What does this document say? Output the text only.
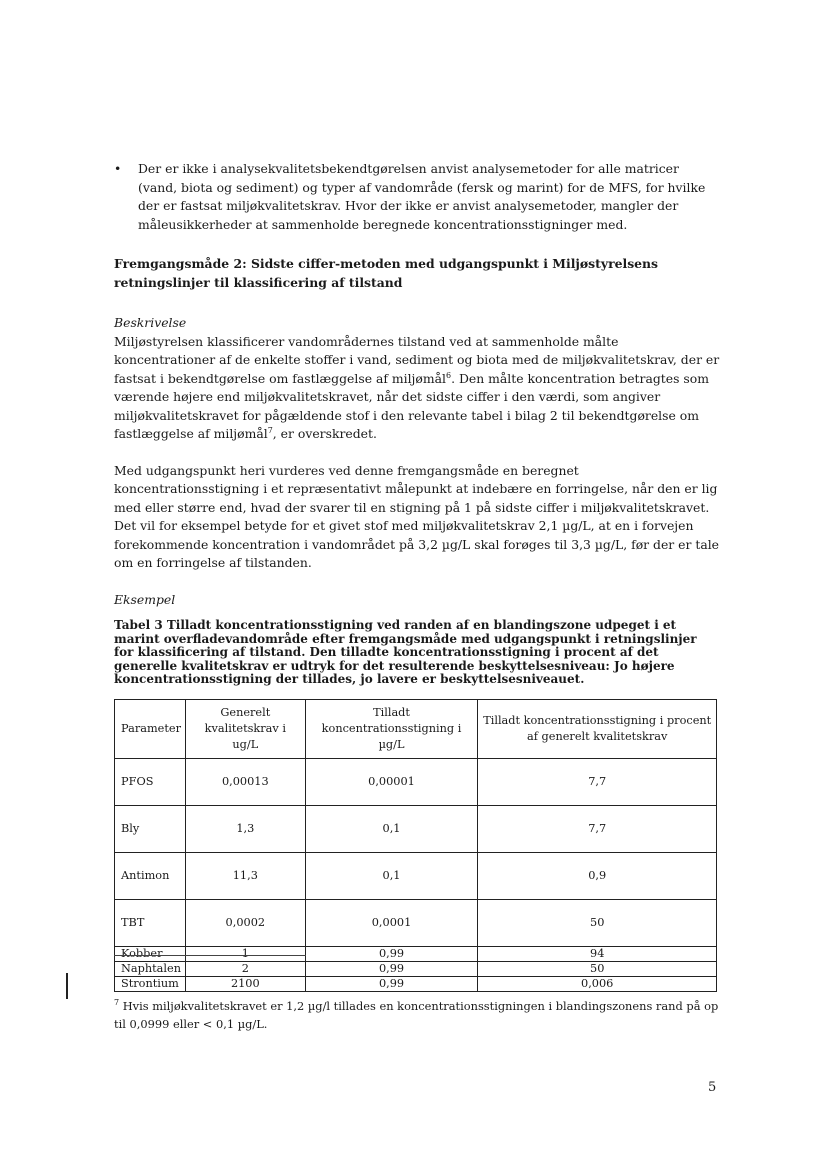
• Der er ikke i analysekvalitetsbekendtgørelsen anvist analysemetoder for alle matricer (vand, biota og sediment) og typer af vandområde (fersk og marint) for de MFS, for hvilke der er fastsat miljøkvalitetskrav. Hvor der ikke er anvist analysemetoder, mangler der måleusikkerheder at sammenholde beregnede koncentrationsstigninger med.
Fremgangsmåde 2: Sidste ciffer-metoden med udgangspunkt i Miljøstyrelsens retningslinjer til klassificering af tilstand

Beskrivelse

Miljøstyrelsen klassificerer vandområdernes tilstand ved at sammenholde målte koncentrationer af de enkelte stoffer i vand, sediment og biota med de miljøkvalitetskrav, der er fastsat i bekendtgørelse om fastlæggelse af miljømål$^6$. Den målte koncentration betragtes som værende højere end miljøkvalitetskravet, når det sidste ciffer i den værdi, som angiver miljøkvalitetskravet for pågældende stof i den relevante tabel i bilag 2 til bekendtgørelse om fastlæggelse af miljømål$^7$, er overskredet.

Med udgangspunkt heri vurderes ved denne fremgangsmåde en beregnet koncentrationsstigning i et repræsentativt målepunkt at indebære en forringelse, når den er lig med eller større end, hvad der svarer til en stigning på 1 på sidste ciffer i miljøkvalitetskravet. Det vil for eksempel betyde for et givet stof med miljøkvalitetskrav 2,1 µg/L, at en i forvejen forekommende koncentration i vandområdet på 3,2 µg/L skal forøges til 3,3 µg/L, før der er tale om en forringelse af tilstanden.

Eksempel

Tabel 3 Tilladt koncentrationsstigning ved randen af en blandingszone udpeget i et marint overfladevandområde efter fremgangsmåde med udgangspunkt i retningslinjer for klassificering af tilstand. Den tilladte koncentrationsstigning i procent af det generelle kvalitetskrav er udtryk for det resulterende beskyttelsesniveau: Jo højere koncentrationsstigning der tillades, jo lavere er beskyttelsesniveauet.
Parameter	Generelt kvalitetskrav i ug/L	Tilladt koncentrationsstigning i µg/L	Tilladt koncentrationsstigning i procent af generelt kvalitetskrav
PFOS	0,00013	0,00001	7,7
Bly	1,3	0,1	7,7
Antimon	11,3	0,1	0,9
TBT	0,0002	0,0001	50
Kobber	1	0,99	94
Naphtalen	2	0,99	50
Strontium	2100	0,99	0,006
$^7$ Hvis miljøkvalitetskravet er 1,2 µg/l tillades en koncentrationsstigningen i blandingszonens rand på op til 0,0999 eller < 0,1 µg/L.
5
